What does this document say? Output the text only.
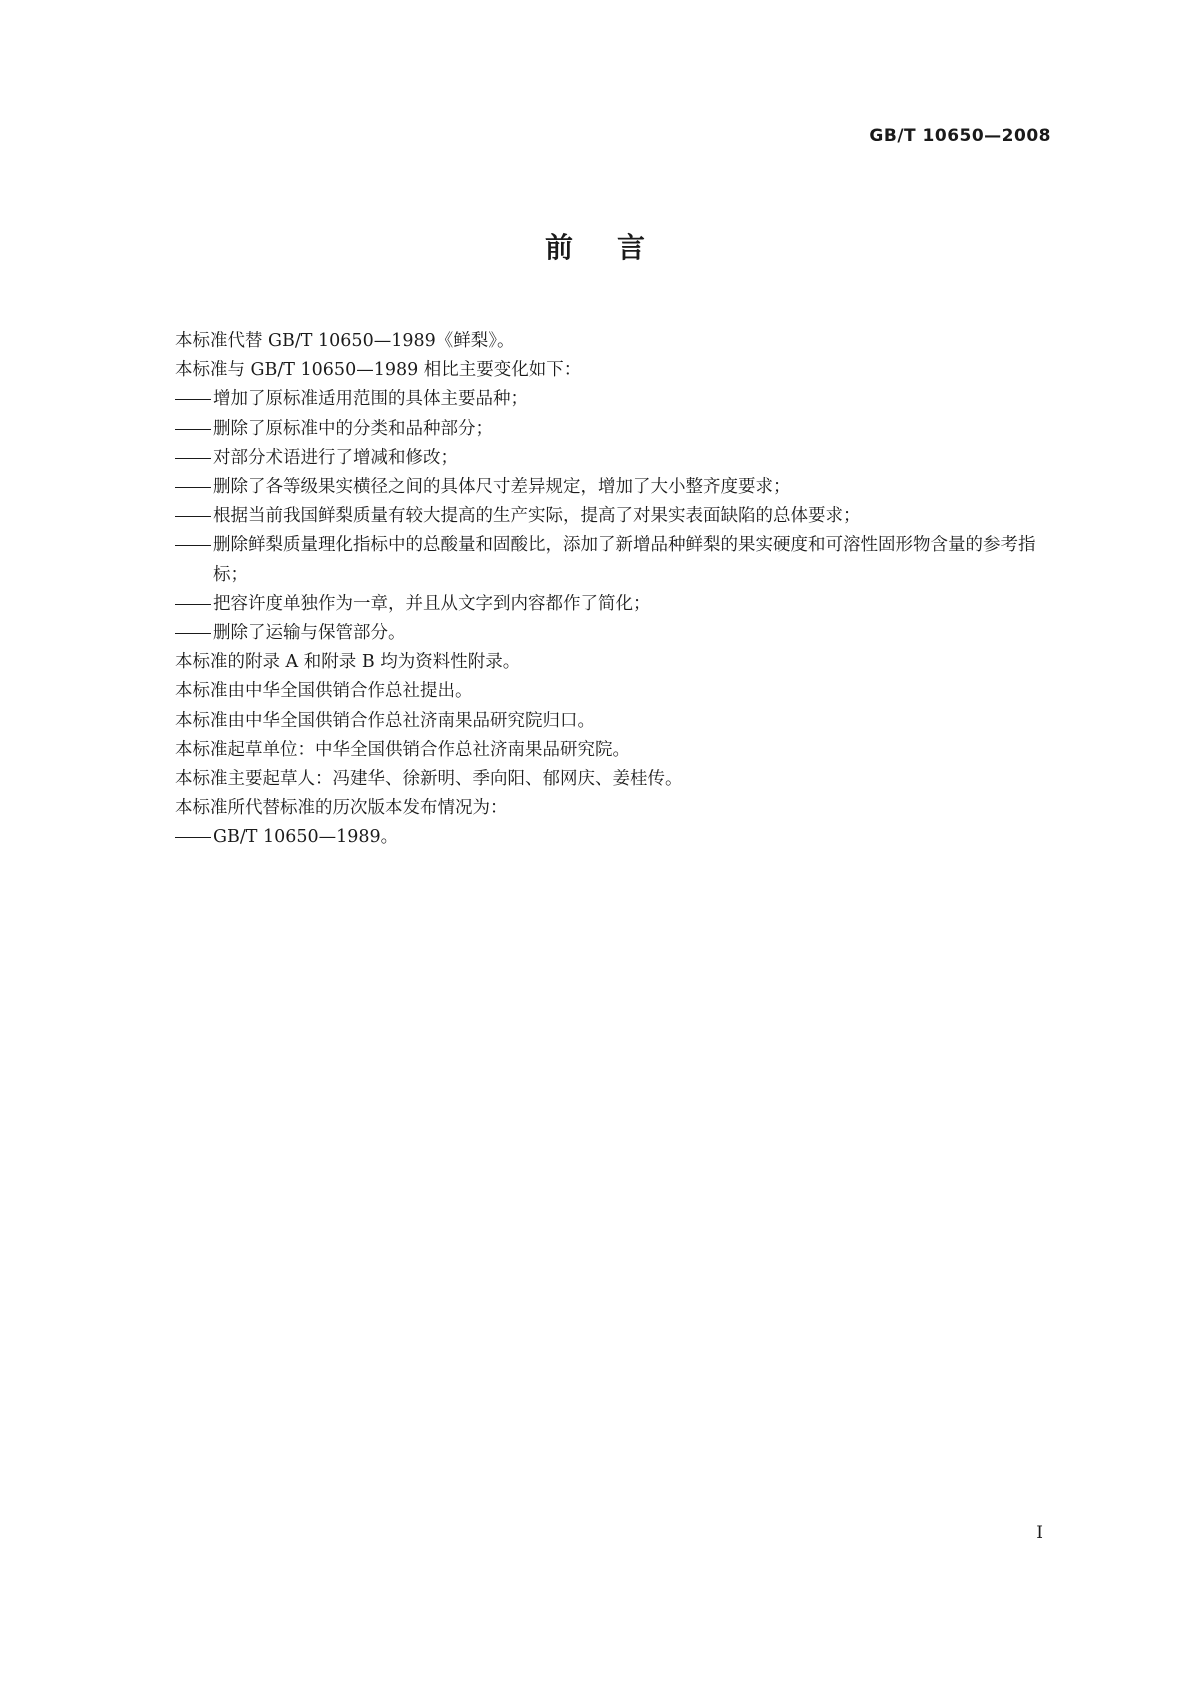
GB/T 10650—2008
前    言
本标准代替 GB/T 10650—1989《鲜梨》。
本标准与 GB/T 10650—1989 相比主要变化如下：
增加了原标准适用范围的具体主要品种；
删除了原标准中的分类和品种部分；
对部分术语进行了增减和修改；
删除了各等级果实横径之间的具体尺寸差异规定，增加了大小整齐度要求；
根据当前我国鲜梨质量有较大提高的生产实际，提高了对果实表面缺陷的总体要求；
删除鲜梨质量理化指标中的总酸量和固酸比，添加了新增品种鲜梨的果实硬度和可溶性固形物含量的参考指标；
把容许度单独作为一章，并且从文字到内容都作了简化；
删除了运输与保管部分。
本标准的附录 A 和附录 B 均为资料性附录。
本标准由中华全国供销合作总社提出。
本标准由中华全国供销合作总社济南果品研究院归口。
本标准起草单位：中华全国供销合作总社济南果品研究院。
本标准主要起草人：冯建华、徐新明、季向阳、郁网庆、姜桂传。
本标准所代替标准的历次版本发布情况为：
GB/T 10650—1989。
Ⅰ
